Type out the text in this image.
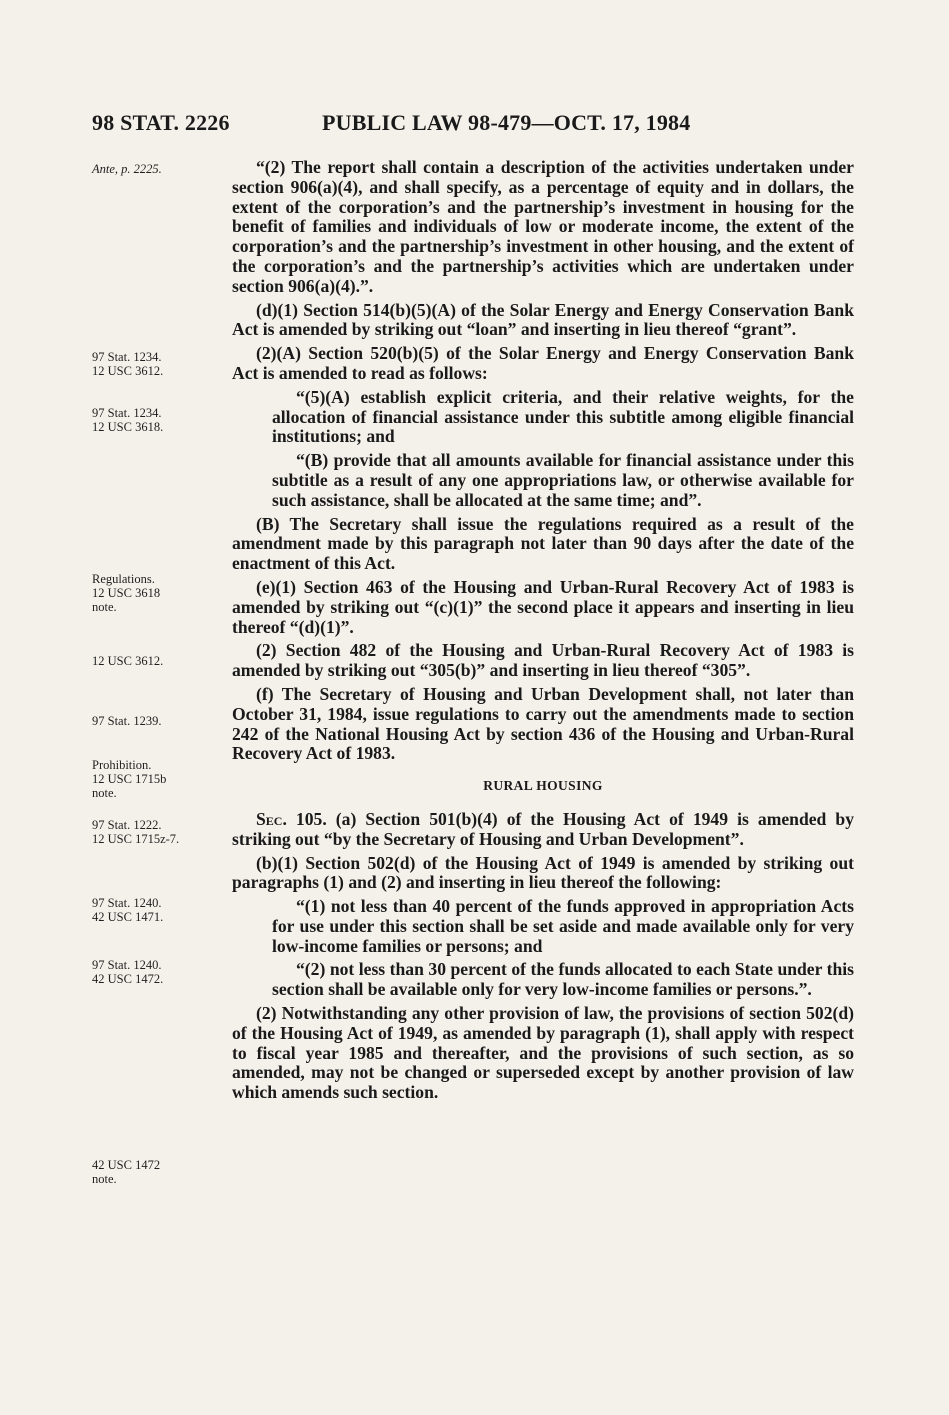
98 STAT. 2226	PUBLIC LAW 98-479—OCT. 17, 1984
Ante, p. 2225.
97 Stat. 1234.
12 USC 3612.
97 Stat. 1234.
12 USC 3618.
Regulations.
12 USC 3618
note.
12 USC 3612.
97 Stat. 1239.
Prohibition.
12 USC 1715b
note.
97 Stat. 1222.
12 USC 1715z-7.
97 Stat. 1240.
42 USC 1471.
97 Stat. 1240.
42 USC 1472.
42 USC 1472
note.

“(2) The report shall contain a description of the activities undertaken under section 906(a)(4), and shall specify, as a percentage of equity and in dollars, the extent of the corporation’s and the partnership’s investment in housing for the benefit of families and individuals of low or moderate income, the extent of the corporation’s and the partnership’s investment in other housing, and the extent of the corporation’s and the partnership’s activities which are undertaken under section 906(a)(4).”.

(d)(1) Section 514(b)(5)(A) of the Solar Energy and Energy Conservation Bank Act is amended by striking out “loan” and inserting in lieu thereof “grant”.

(2)(A) Section 520(b)(5) of the Solar Energy and Energy Conservation Bank Act is amended to read as follows:

“(5)(A) establish explicit criteria, and their relative weights, for the allocation of financial assistance under this subtitle among eligible financial institutions; and

“(B) provide that all amounts available for financial assistance under this subtitle as a result of any one appropriations law, or otherwise available for such assistance, shall be allocated at the same time; and”.

(B) The Secretary shall issue the regulations required as a result of the amendment made by this paragraph not later than 90 days after the date of the enactment of this Act.

(e)(1) Section 463 of the Housing and Urban-Rural Recovery Act of 1983 is amended by striking out “(c)(1)” the second place it appears and inserting in lieu thereof “(d)(1)”.

(2) Section 482 of the Housing and Urban-Rural Recovery Act of 1983 is amended by striking out “305(b)” and inserting in lieu thereof “305”.

(f) The Secretary of Housing and Urban Development shall, not later than October 31, 1984, issue regulations to carry out the amendments made to section 242 of the National Housing Act by section 436 of the Housing and Urban-Rural Recovery Act of 1983.

RURAL HOUSING

Sec. 105. (a) Section 501(b)(4) of the Housing Act of 1949 is amended by striking out “by the Secretary of Housing and Urban Development”.

(b)(1) Section 502(d) of the Housing Act of 1949 is amended by striking out paragraphs (1) and (2) and inserting in lieu thereof the following:

“(1) not less than 40 percent of the funds approved in appropriation Acts for use under this section shall be set aside and made available only for very low-income families or persons; and

“(2) not less than 30 percent of the funds allocated to each State under this section shall be available only for very low-income families or persons.”.

(2) Notwithstanding any other provision of law, the provisions of section 502(d) of the Housing Act of 1949, as amended by paragraph (1), shall apply with respect to fiscal year 1985 and thereafter, and the provisions of such section, as so amended, may not be changed or superseded except by another provision of law which amends such section.
